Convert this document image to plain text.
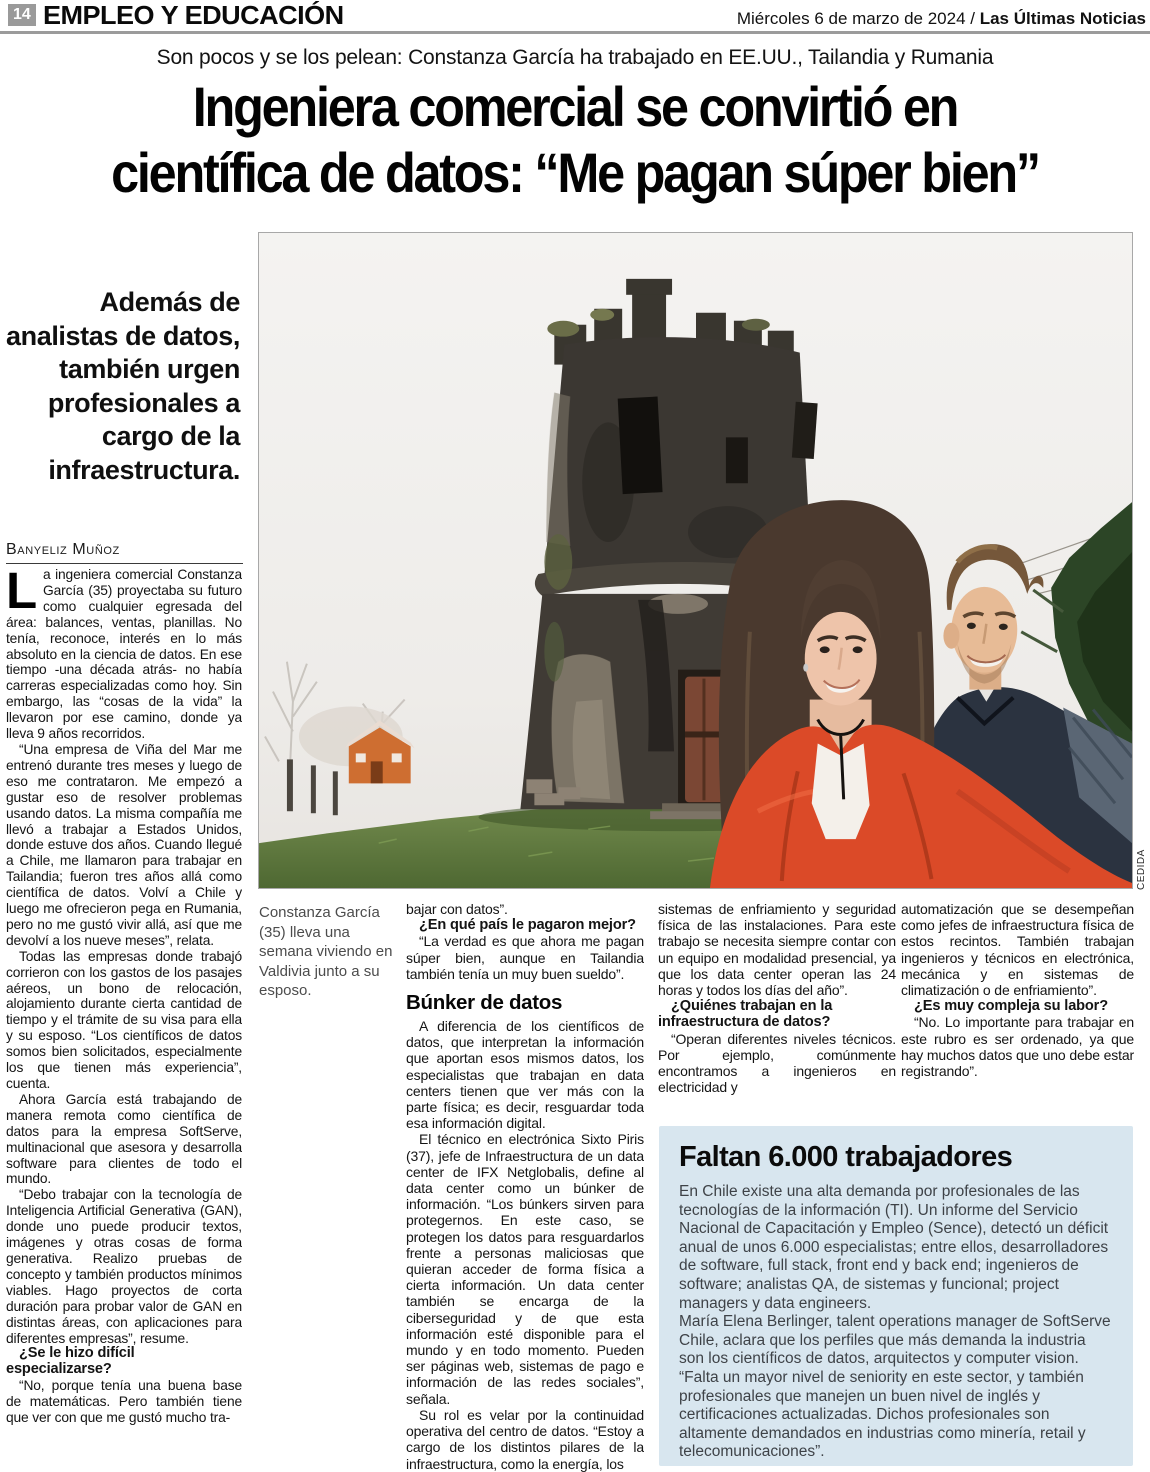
14 EMPLEO Y EDUCACIÓN	Miércoles 6 de marzo de 2024 / Las Últimas Noticias
Son pocos y se los pelean: Constanza García ha trabajado en EE.UU., Tailandia y Rumania
Ingeniera comercial se convirtió en
científica de datos: “Me pagan súper bien”
Además de analistas de datos, también urgen profesionales a cargo de la infraestructura.
Banyeliz Muñoz
CEDIDA
Constanza García (35) lleva una semana viviendo en Valdivia junto a su esposo.

La ingeniera comercial Constanza García (35) proyectaba su futuro como cualquier egresada del área: balances, ventas, planillas. No tenía, reconoce, interés en lo más absoluto en la ciencia de datos. En ese tiempo -una década atrás- no había carreras especializadas como hoy. Sin embargo, las “cosas de la vida” la llevaron por ese camino, donde ya lleva 9 años recorridos.

“Una empresa de Viña del Mar me entrenó durante tres meses y luego de eso me contrataron. Me empezó a gustar eso de resolver problemas usando datos. La misma compañía me llevó a trabajar a Estados Unidos, donde estuve dos años. Cuando llegué a Chile, me llamaron para trabajar en Tailandia; fueron tres años allá como científica de datos. Volví a Chile y luego me ofrecieron pega en Rumania, pero no me gustó vivir allá, así que me devolví a los nueve meses”, relata.

Todas las empresas donde trabajó corrieron con los gastos de los pasajes aéreos, un bono de relocación, alojamiento durante cierta cantidad de tiempo y el trámite de su visa para ella y su esposo. “Los científicos de datos somos bien solicitados, especialmente los que tienen más experiencia”, cuenta.

Ahora García está trabajando de manera remota como científica de datos para la empresa SoftServe, multinacional que asesora y desarrolla software para clientes de todo el mundo.

“Debo trabajar con la tecnología de Inteligencia Artificial Generativa (GAN), donde uno puede producir textos, imágenes y otras cosas de forma generativa. Realizo pruebas de concepto y también productos mínimos viables. Hago proyectos de corta duración para probar valor de GAN en distintas áreas, con aplicaciones para diferentes empresas”, resume.

¿Se le hizo difícil especializarse?

“No, porque tenía una buena base de matemáticas. Pero también tiene que ver con que me gustó mucho tra-

bajar con datos”.

¿En qué país le pagaron mejor?

“La verdad es que ahora me pagan súper bien, aunque en Tailandia también tenía un muy buen sueldo”.

Búnker de datos

A diferencia de los científicos de datos, que interpretan la información que aportan esos mismos datos, los especialistas que trabajan en data centers tienen que ver más con la parte física; es decir, resguardar toda esa información digital.

El técnico en electrónica Sixto Piris (37), jefe de Infraestructura de un data center de IFX Netglobalis, define al data center como un búnker de información. “Los búnkers sirven para protegernos. En este caso, se protegen los datos para resguardarlos frente a personas maliciosas que quieran acceder de forma física a cierta información. Un data center también se encarga de la ciberseguridad y de que esta información esté disponible para el mundo y en todo momento. Pueden ser páginas web, sistemas de pago e información de las redes sociales”, señala.

Su rol es velar por la continuidad operativa del centro de datos. “Estoy a cargo de los distintos pilares de la infraestructura, como la energía, los

sistemas de enfriamiento y seguridad física de las instalaciones. Para este trabajo se necesita siempre contar con un equipo en modalidad presencial, ya que los data center operan las 24 horas y todos los días del año”.

¿Quiénes trabajan en la infraestructura de datos?

“Operan diferentes niveles técnicos. Por ejemplo, comúnmente encontramos a ingenieros en electricidad y

automatización que se desempeñan como jefes de infraestructura física de estos recintos. También trabajan ingenieros y técnicos en electrónica, mecánica y en sistemas de climatización o de enfriamiento”.

¿Es muy compleja su labor?

“No. Lo importante para trabajar en este rubro es ser ordenado, ya que hay muchos datos que uno debe estar registrando”.

Faltan 6.000 trabajadores

En Chile existe una alta demanda por profesionales de las tecnologías de la información (TI). Un informe del Servicio Nacional de Capacitación y Empleo (Sence), detectó un déficit anual de unos 6.000 especialistas; entre ellos, desarrolladores de software, full stack, front end y back end; ingenieros de software; analistas QA, de sistemas y funcional; project managers y data engineers.

María Elena Berlinger, talent operations manager de SoftServe Chile, aclara que los perfiles que más demanda la industria son los científicos de datos, arquitectos y computer vision. “Falta un mayor nivel de seniority en este sector, y también profesionales que manejen un buen nivel de inglés y certificaciones actualizadas. Dichos profesionales son altamente demandados en industrias como minería, retail y telecomunicaciones”.
